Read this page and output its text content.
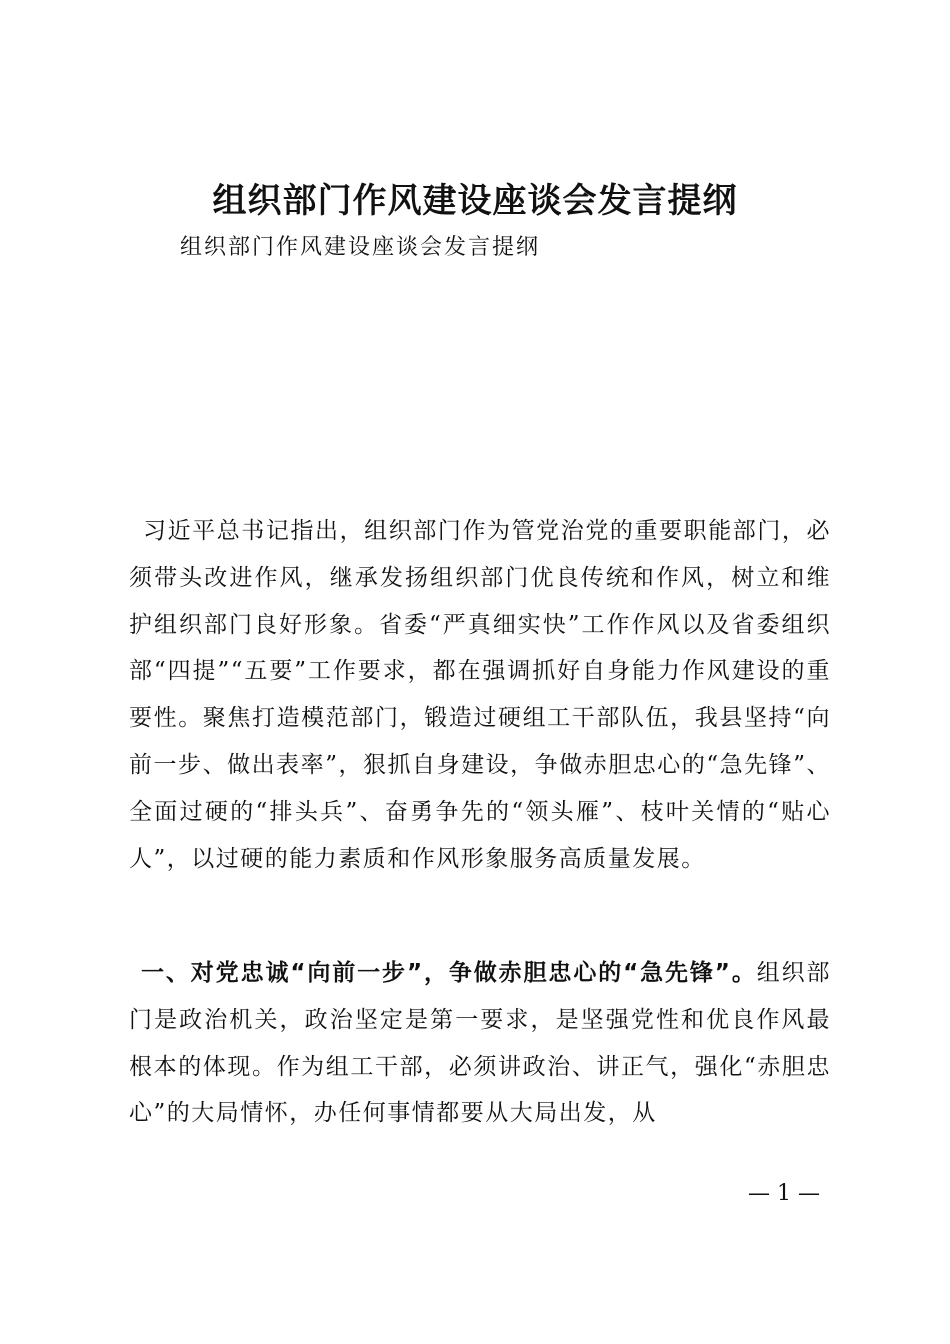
组织部门作风建设座谈会发言提纲

组织部门作风建设座谈会发言提纲

习近平总书记指出，组织部门作为管党治党的重要职能部门，必须带头改进作风，继承发扬组织部门优良传统和作风，树立和维护组织部门良好形象。省委“严真细实快”工作作风以及省委组织部“四提”“五要”工作要求，都在强调抓好自身能力作风建设的重要性。聚焦打造模范部门，锻造过硬组工干部队伍，我县坚持“向前一步、做出表率”，狠抓自身建设，争做赤胆忠心的“急先锋”、全面过硬的“排头兵”、奋勇争先的“领头雁”、枝叶关情的“贴心人”，以过硬的能力素质和作风形象服务高质量发展。

一、对党忠诚“向前一步”，争做赤胆忠心的“急先锋”。组织部门是政治机关，政治坚定是第一要求，是坚强党性和优良作风最根本的体现。作为组工干部，必须讲政治、讲正气，强化“赤胆忠心”的大局情怀，办任何事情都要从大局出发，从

— 1 —
